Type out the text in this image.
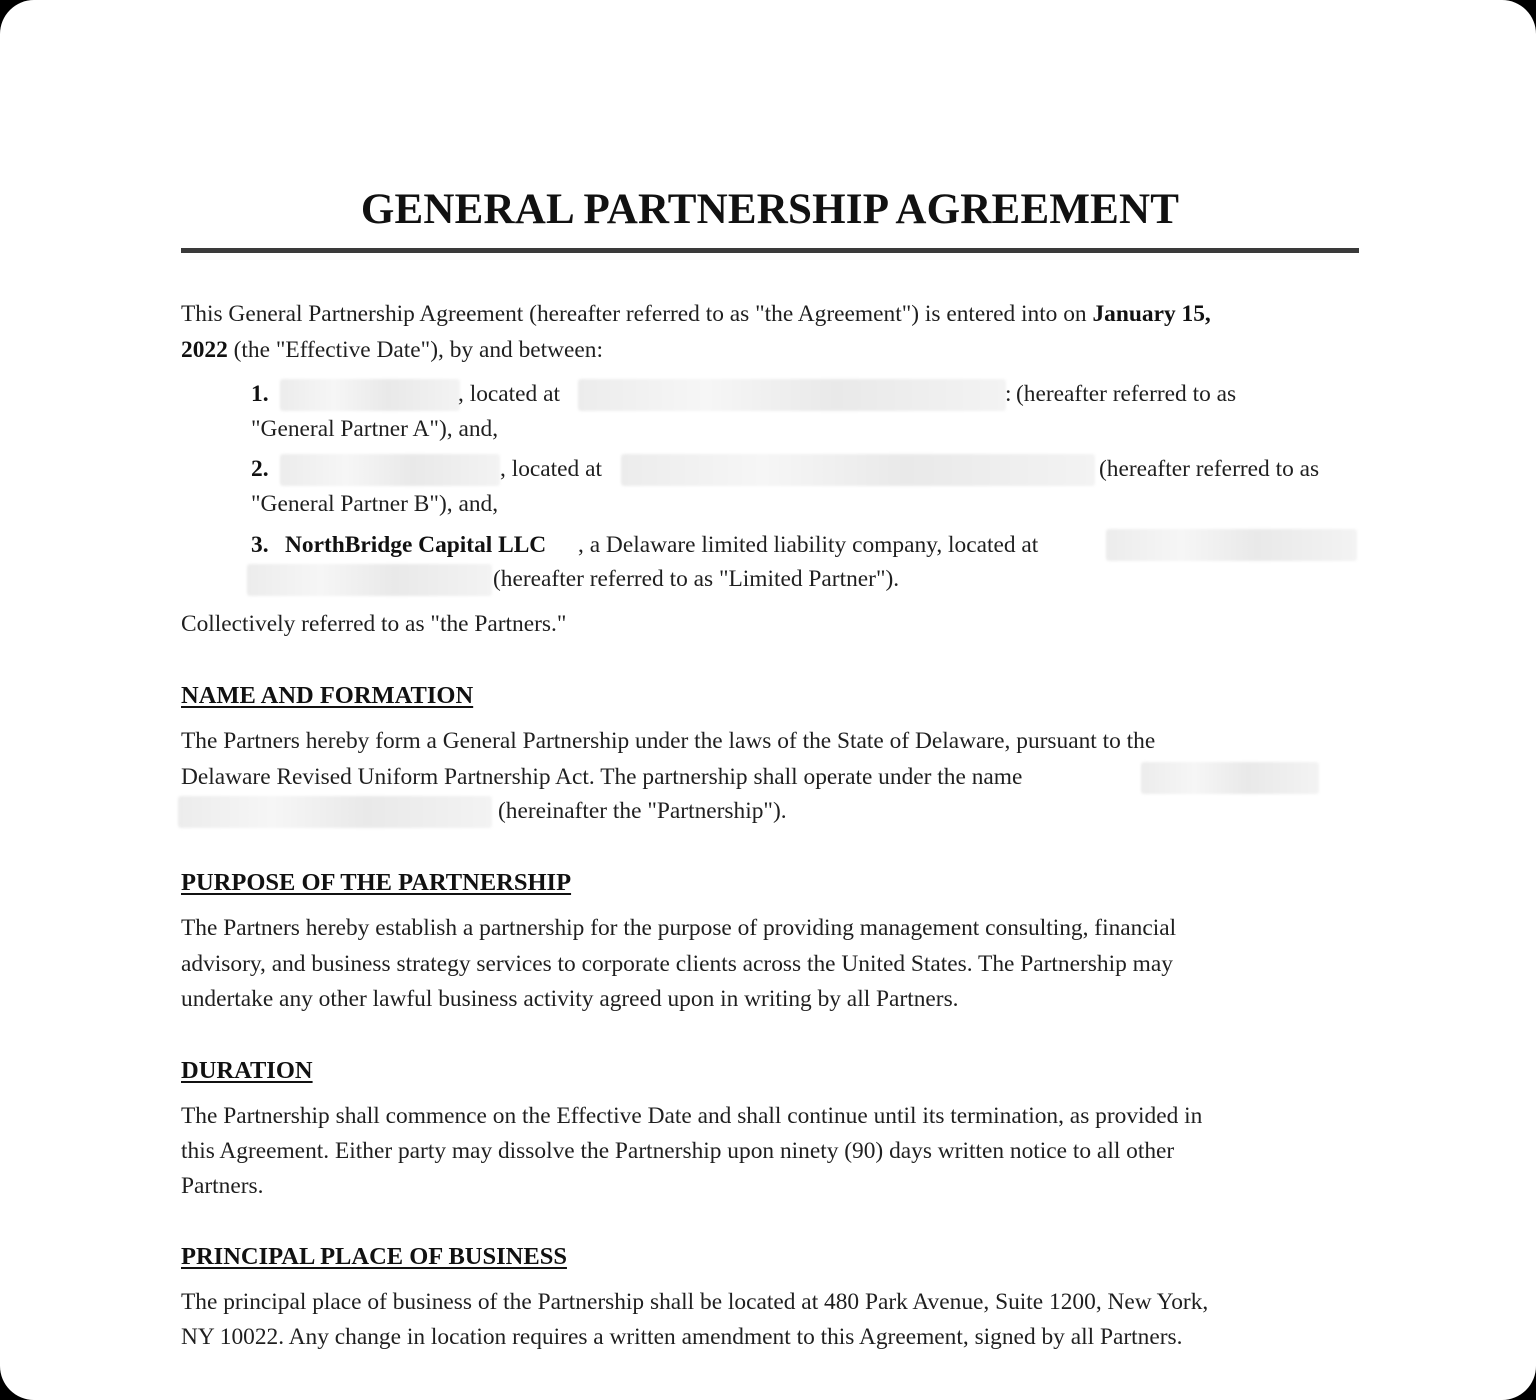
GENERAL PARTNERSHIP AGREEMENT

This General Partnership Agreement (hereafter referred to as "the Agreement") is entered into on January 15,

2022 (the "Effective Date"), by and between:

1.	, located at	: (hereafter referred to as
"General Partner A"), and,
2.	, located at	(hereafter referred to as
"General Partner B"), and,
3. NorthBridge Capital LLC , a Delaware limited liability company, located at
(hereafter referred to as "Limited Partner").

Collectively referred to as "the Partners."

NAME AND FORMATION

The Partners hereby form a General Partnership under the laws of the State of Delaware, pursuant to the

Delaware Revised Uniform Partnership Act. The partnership shall operate under the name

(hereinafter the "Partnership").

PURPOSE OF THE PARTNERSHIP

The Partners hereby establish a partnership for the purpose of providing management consulting, financial

advisory, and business strategy services to corporate clients across the United States. The Partnership may

undertake any other lawful business activity agreed upon in writing by all Partners.

DURATION

The Partnership shall commence on the Effective Date and shall continue until its termination, as provided in

this Agreement. Either party may dissolve the Partnership upon ninety (90) days written notice to all other

Partners.

PRINCIPAL PLACE OF BUSINESS

The principal place of business of the Partnership shall be located at 480 Park Avenue, Suite 1200, New York,

NY 10022. Any change in location requires a written amendment to this Agreement, signed by all Partners.
